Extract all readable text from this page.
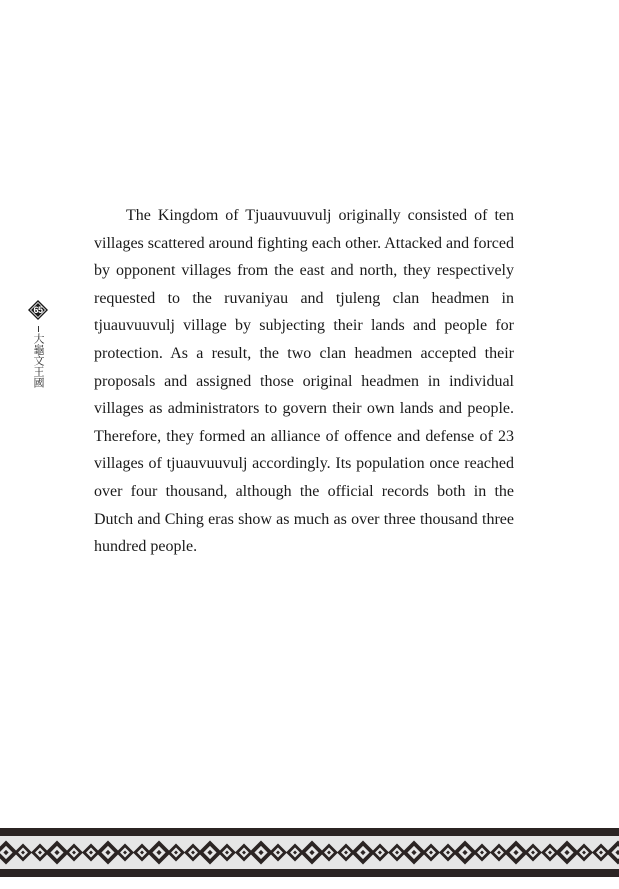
65
大龜文王國

The Kingdom of Tjuauvuuvulj originally consisted of ten villages scattered around fighting each other. Attacked and forced by opponent villages from the east and north, they respectively requested to the ruvaniyau and tjuleng clan headmen in tjuauvuuvulj village by subjecting their lands and people for protection. As a result, the two clan headmen accepted their proposals and assigned those original headmen in individual villages as administrators to govern their own lands and people. Therefore, they formed an alliance of offence and defense of 23 villages of tjuauvuuvulj accordingly. Its population once reached over four thousand, although the official records both in the Dutch and Ching eras show as much as over three thousand three hundred people.
